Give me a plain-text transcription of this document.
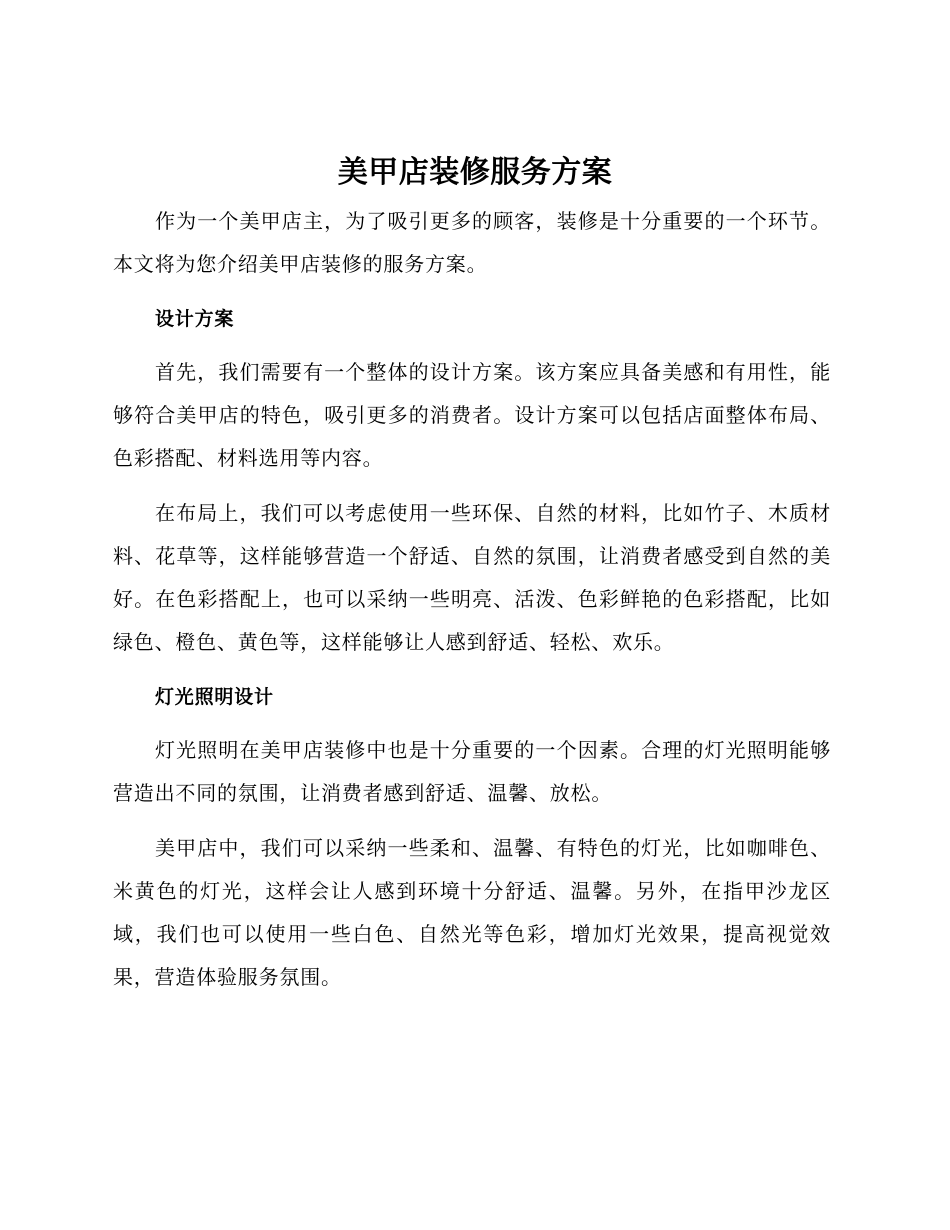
美甲店装修服务方案

作为一个美甲店主，为了吸引更多的顾客，装修是十分重要的一个环节。本文将为您介绍美甲店装修的服务方案。

设计方案

首先，我们需要有一个整体的设计方案。该方案应具备美感和有用性，能够符合美甲店的特色，吸引更多的消费者。设计方案可以包括店面整体布局、色彩搭配、材料选用等内容。

在布局上，我们可以考虑使用一些环保、自然的材料，比如竹子、木质材料、花草等，这样能够营造一个舒适、自然的氛围，让消费者感受到自然的美好。在色彩搭配上，也可以采纳一些明亮、活泼、色彩鲜艳的色彩搭配，比如绿色、橙色、黄色等，这样能够让人感到舒适、轻松、欢乐。

灯光照明设计

灯光照明在美甲店装修中也是十分重要的一个因素。合理的灯光照明能够营造出不同的氛围，让消费者感到舒适、温馨、放松。

美甲店中，我们可以采纳一些柔和、温馨、有特色的灯光，比如咖啡色、米黄色的灯光，这样会让人感到环境十分舒适、温馨。另外，在指甲沙龙区域，我们也可以使用一些白色、自然光等色彩，增加灯光效果，提高视觉效果，营造体验服务氛围。
